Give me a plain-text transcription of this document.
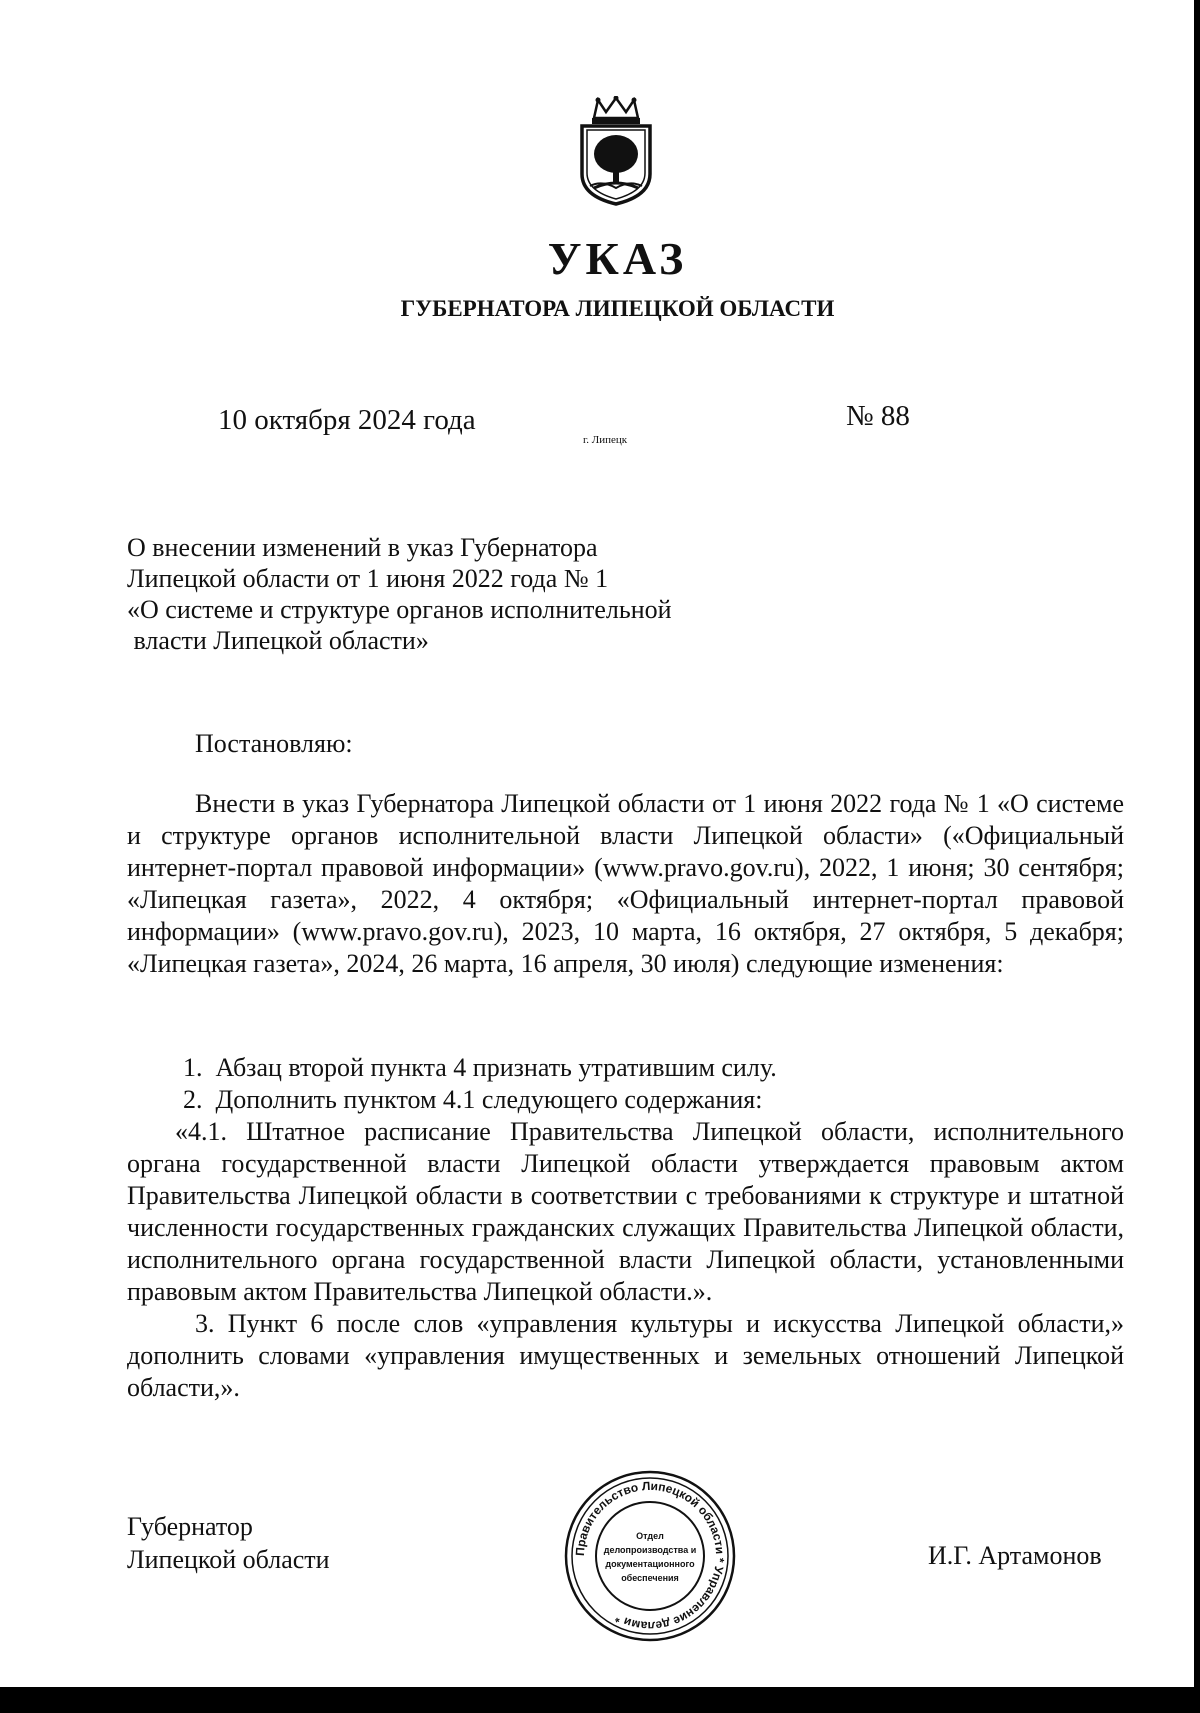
УКАЗ
ГУБЕРНАТОРА ЛИПЕЦКОЙ ОБЛАСТИ
10 октября 2024 года
г. Липецк
№ 88
О внесении изменений в указ Губернатора
Липецкой области от 1 июня 2022 года № 1
«О системе и структуре органов исполнительной
власти Липецкой области»
Постановляю:

Внести в указ Губернатора Липецкой области от 1 июня 2022 года № 1 «О системе и структуре органов исполнительной власти Липецкой области» («Официальный интернет-портал правовой информации» (www.pravo.gov.ru), 2022, 1 июня; 30 сентября; «Липецкая газета», 2022, 4 октября; «Официальный интернет-портал правовой информации» (www.pravo.gov.ru), 2023, 10 марта, 16 октября, 27 октября, 5 декабря; «Липецкая газета», 2024, 26 марта, 16 апреля, 30 июля) следующие изменения:

1.  Абзац второй пункта 4 признать утратившим силу.

2.  Дополнить пунктом 4.1 следующего содержания:

«4.1. Штатное расписание Правительства Липецкой области, исполнительного органа государственной власти Липецкой области утверждается правовым актом Правительства Липецкой области в соответствии с требованиями к структуре и штатной численности государственных гражданских служащих Правительства Липецкой области, исполнительного органа государственной власти Липецкой области, установленными правовым актом Правительства Липецкой области.».

3. Пункт 6 после слов «управления культуры и искусства Липецкой области,» дополнить словами «управления имущественных и земельных отношений Липецкой области,».

Губернатор
Липецкой области	И.Г. Артамонов
Правительство Липецкой области * Управление делами *
Отдел
делопроизводства и
документационного
обеспечения
